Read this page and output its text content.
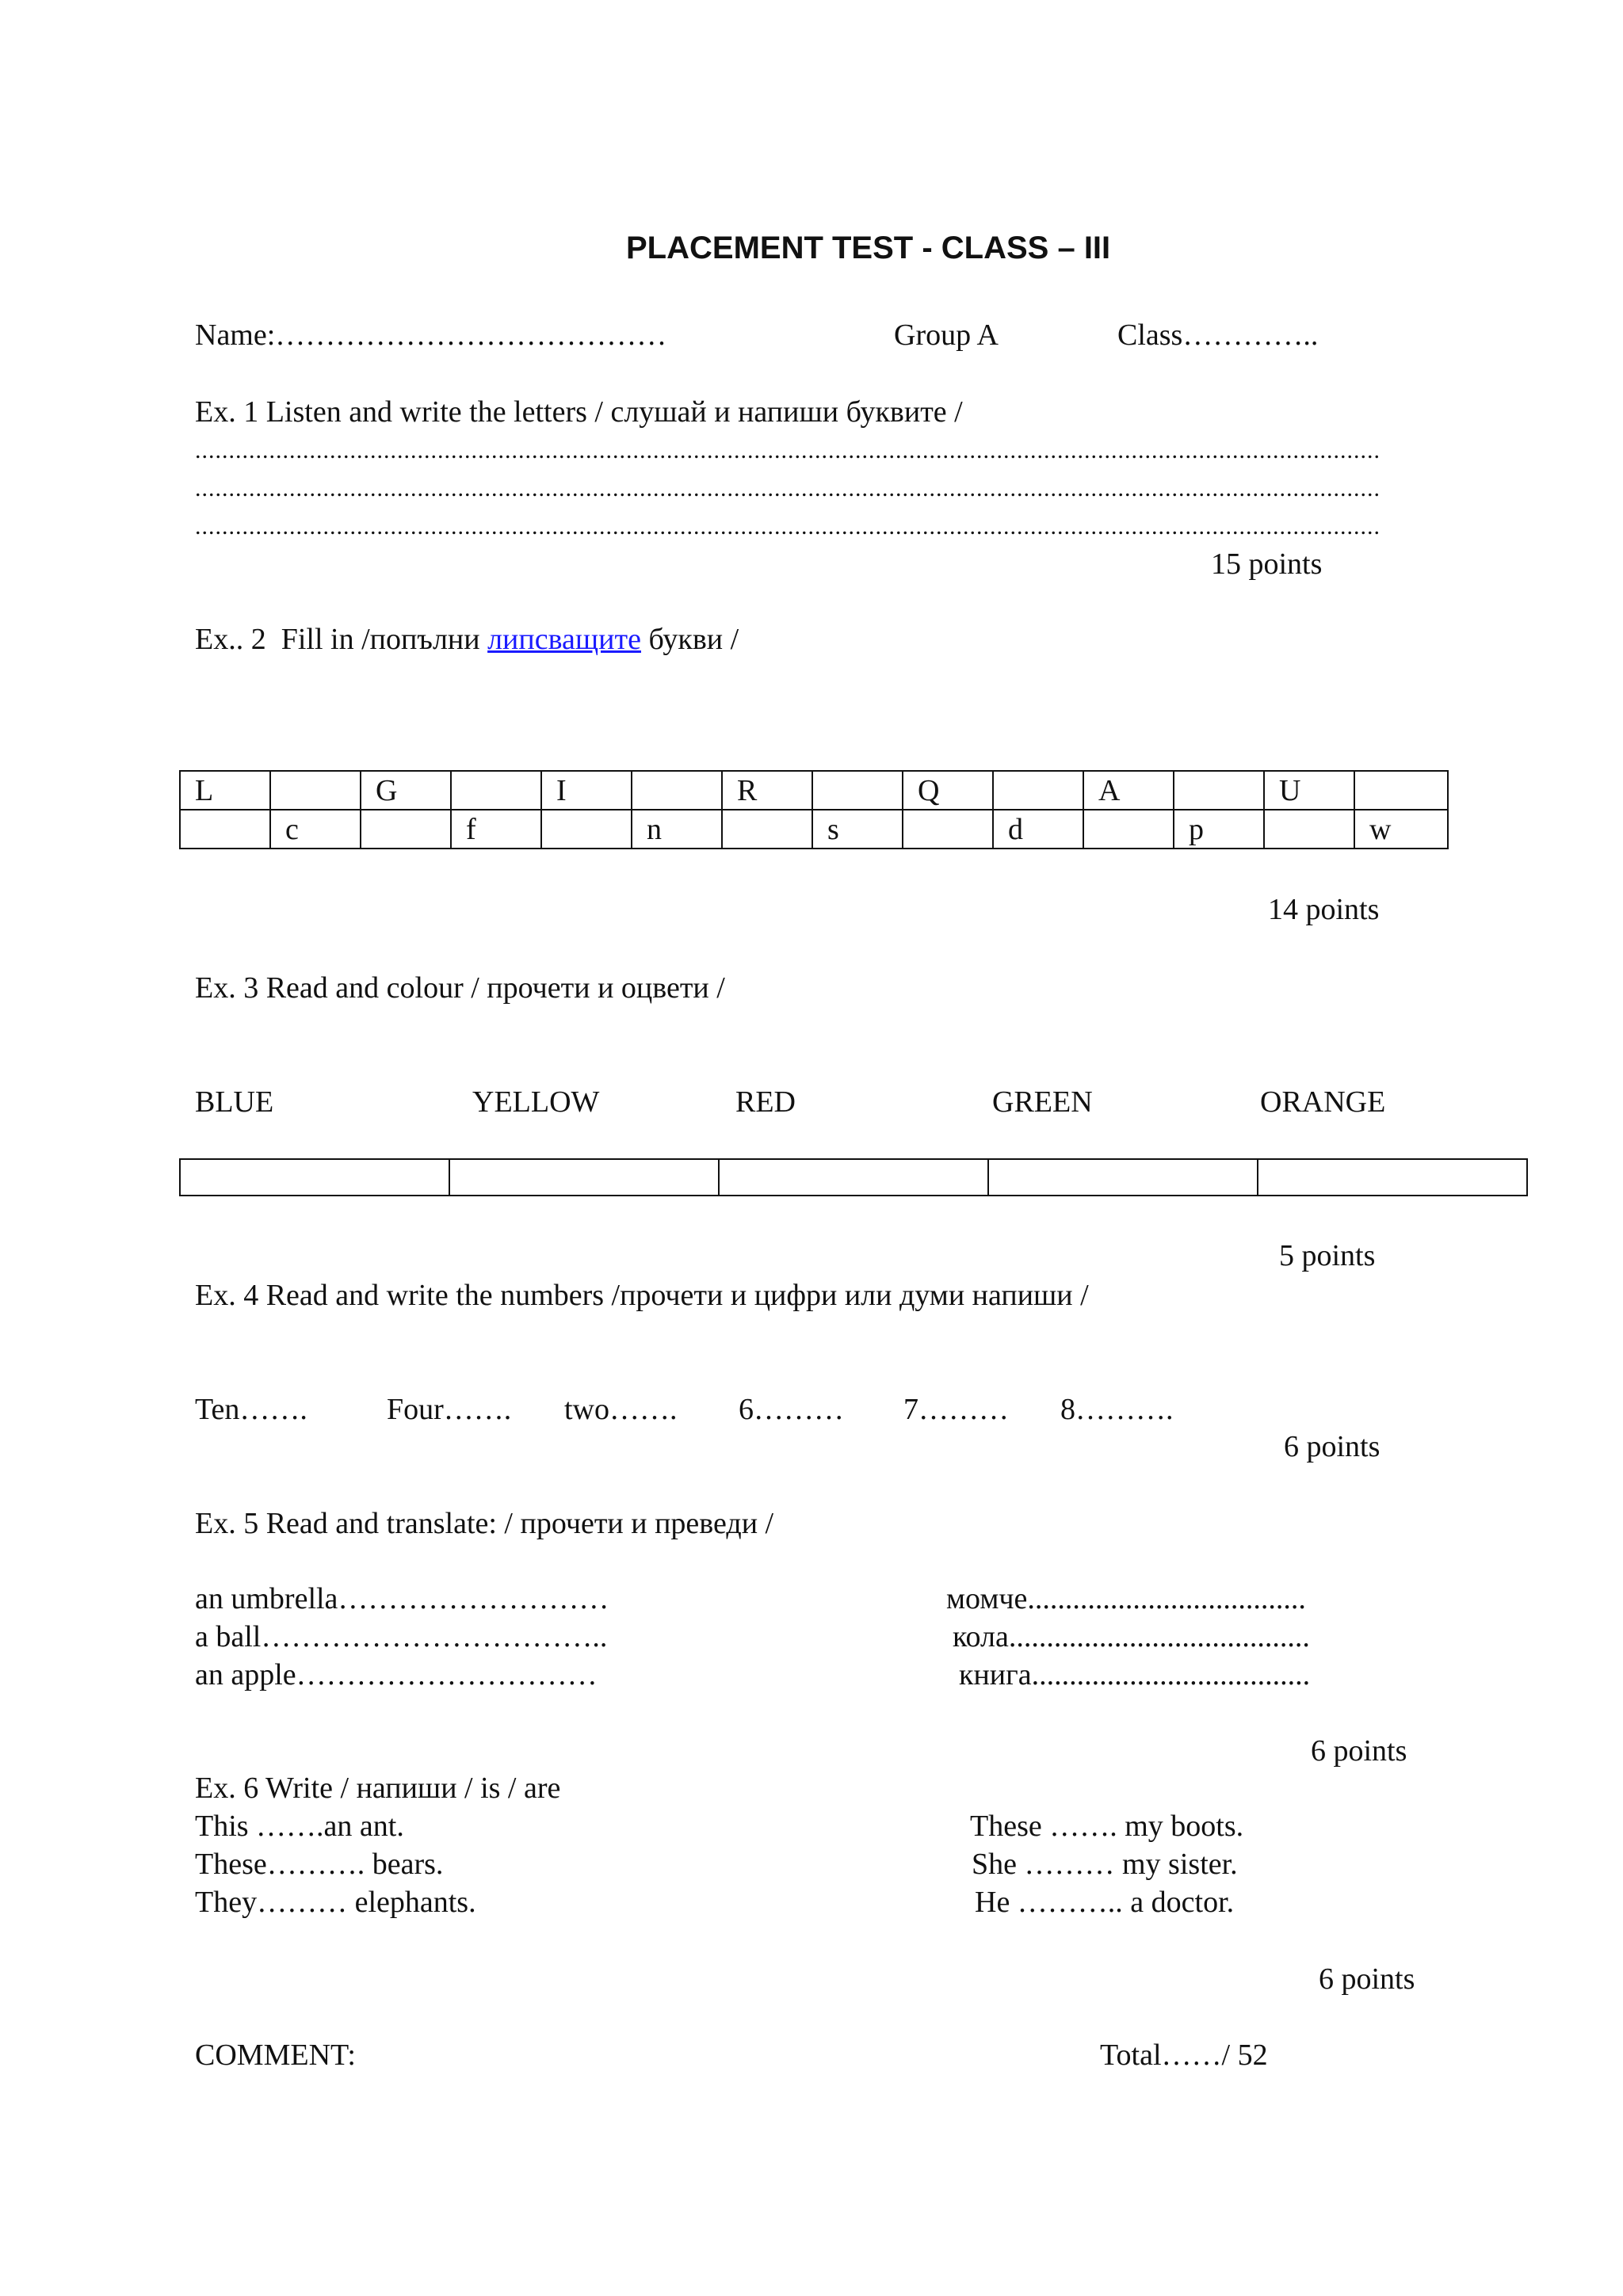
PLACEMENT TEST - CLASS – III
Name:…………………………………	Group A	Class…………..
Ex. 1 Listen and write the letters / слушай и напиши буквите /
................................................................................................................................................................................
................................................................................................................................................................................
................................................................................................................................................................................
15 points
Ex.. 2  Fill in /попълни липсващите букви /
L		G		I		R		Q		A		U	
	c		f		n		s		d		p		w
14 points
Ex. 3 Read and colour / прочети и оцвети /
BLUE	YELLOW	RED	GREEN	ORANGE

5 points
Ex. 4 Read and write the numbers /прочети и цифри или думи напиши /
Ten…….	Four……. two……. 6……… 7……… 8……….
6 points
Ex. 5 Read and translate: / прочети и преведи /
an umbrella………………………
a ball……………………………..
an apple…………………………
момче.....................................
кола........................................
книга.....................................
6 points
Ex. 6 Write / напиши / is / are
This …….an ant.
These………. bears.
They……… elephants.
These ……. my boots.
She ……… my sister.
He ……….. a doctor.
6 points
COMMENT:	Total……/ 52
